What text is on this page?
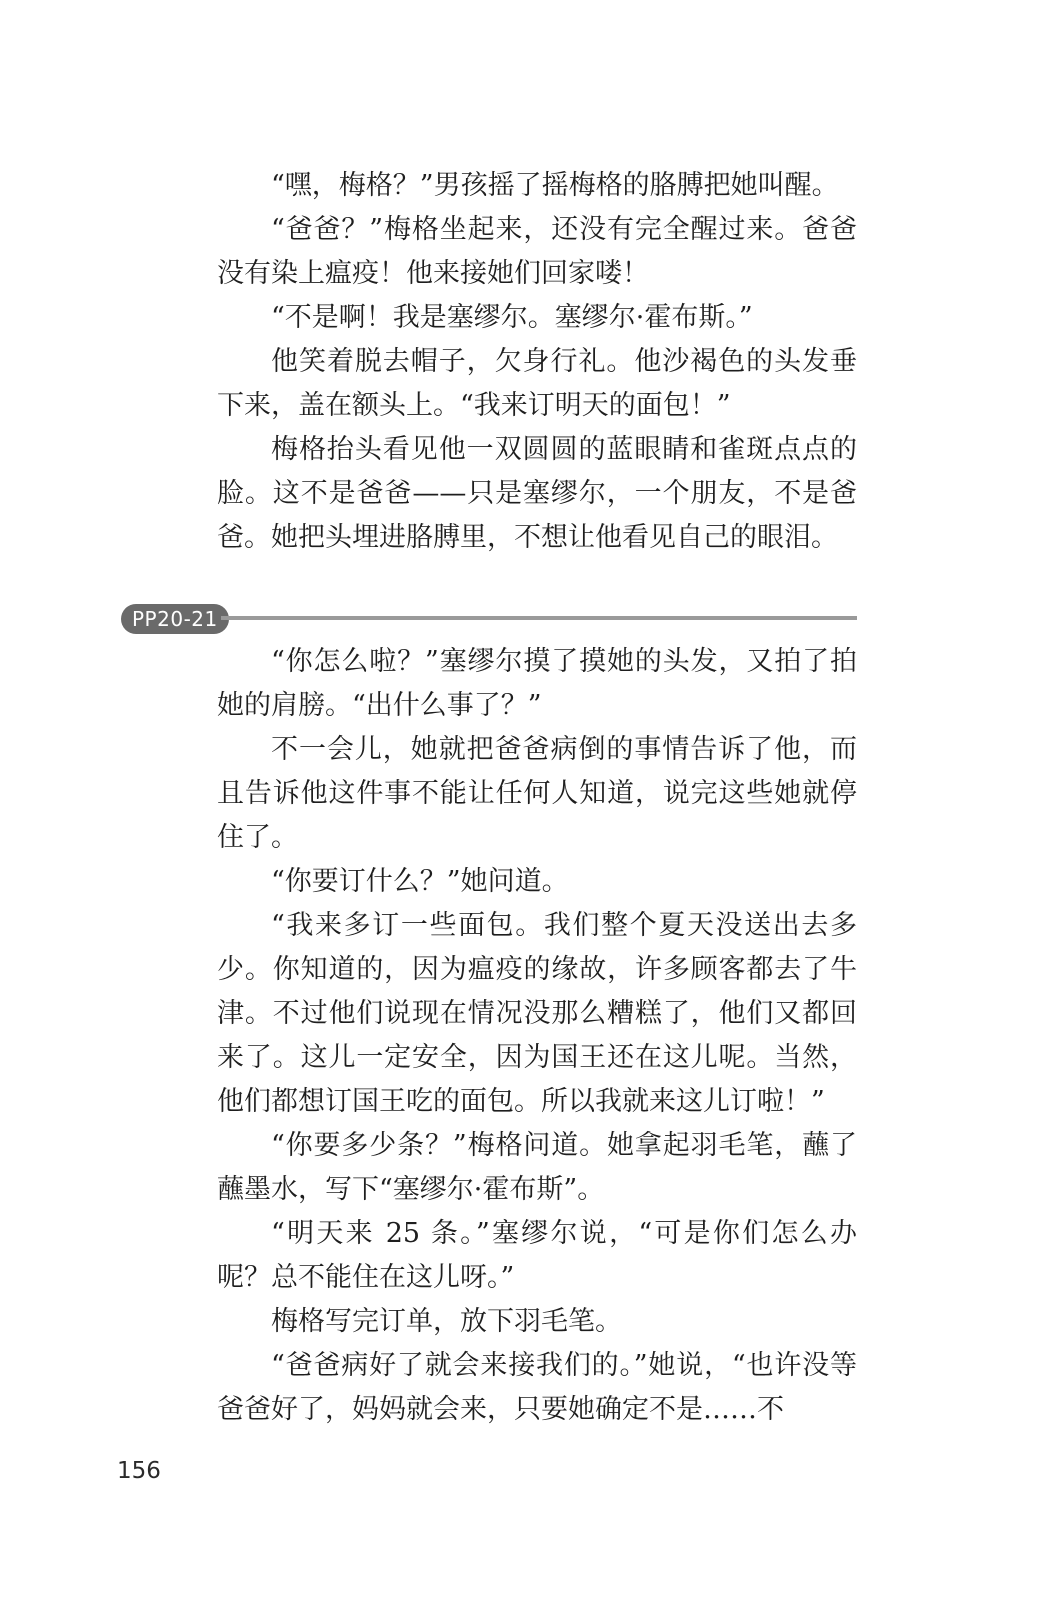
“嘿，梅格？”男孩摇了摇梅格的胳膊把她叫醒。

“爸爸？”梅格坐起来，还没有完全醒过来。爸爸没有染上瘟疫！他来接她们回家喽！

“不是啊！我是塞缪尔。塞缪尔·霍布斯。”

他笑着脱去帽子，欠身行礼。他沙褐色的头发垂下来，盖在额头上。“我来订明天的面包！”

梅格抬头看见他一双圆圆的蓝眼睛和雀斑点点的脸。这不是爸爸——只是塞缪尔，一个朋友，不是爸爸。她把头埋进胳膊里，不想让他看见自己的眼泪。

PP20-21

“你怎么啦？”塞缪尔摸了摸她的头发，又拍了拍她的肩膀。“出什么事了？”

不一会儿，她就把爸爸病倒的事情告诉了他，而且告诉他这件事不能让任何人知道，说完这些她就停住了。

“你要订什么？”她问道。

“我来多订一些面包。我们整个夏天没送出去多少。你知道的，因为瘟疫的缘故，许多顾客都去了牛津。不过他们说现在情况没那么糟糕了，他们又都回来了。这儿一定安全，因为国王还在这儿呢。当然，他们都想订国王吃的面包。所以我就来这儿订啦！”

“你要多少条？”梅格问道。她拿起羽毛笔，蘸了蘸墨水，写下“塞缪尔·霍布斯”。

“明天来 25 条。”塞缪尔说，“可是你们怎么办呢？总不能住在这儿呀。”

梅格写完订单，放下羽毛笔。

“爸爸病好了就会来接我们的。”她说，“也许没等爸爸好了，妈妈就会来，只要她确定不是……不

156
